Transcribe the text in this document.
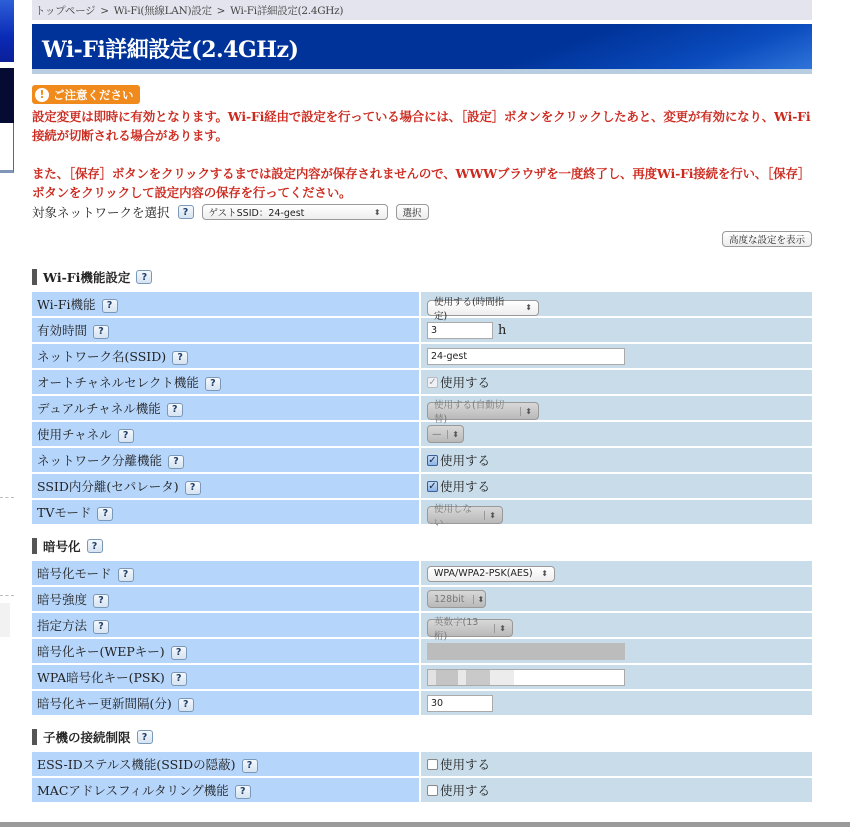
トップページ > Wi-Fi(無線LAN)設定 > Wi-Fi詳細設定(2.4GHz)
Wi-Fi詳細設定(2.4GHz)
! ご注意ください

設定変更は即時に有効となります。Wi-Fi経由で設定を行っている場合には、［設定］ボタンをクリックしたあと、変更が有効になり、Wi-Fi接続が切断される場合があります。

また、［保存］ボタンをクリックするまでは設定内容が保存されませんので、WWWブラウザを一度終了し、再度Wi-Fi接続を行い、［保存］ボタンをクリックして設定内容の保存を行ってください。

対象ネットワークを選択	?	ゲストSSID：24-gest	⬍	選択
高度な設定を表示
Wi-Fi機能設定	?
Wi-Fi機能 ?	使用する(時間指定)
⬍

有効時間 ?	3 h
ネットワーク名(SSID) ?	24-gest
オートチャネルセレクト機能 ?	✓ 使用する

デュアルチャネル機能 ?	使用する(自動切替)
⬍

使用チャネル ?	— ⬍

ネットワーク分離機能 ?	✓ 使用する

SSID内分離(セパレータ) ?	✓ 使用する

TVモード ?	使用しない
⬍
暗号化	?
暗号化モード ?	WPA/WPA2-PSK(AES) ⬍

暗号強度 ?	128bit ⬍

指定方法 ?	英数字(13桁)
⬍

暗号化キー(WEPキー) ?	
WPA暗号化キー(PSK) ?	

暗号化キー更新間隔(分) ?	30
子機の接続制限	?
ESS-IDステルス機能(SSIDの隠蔽) ?	使用する

MACアドレスフィルタリング機能 ?	使用する
